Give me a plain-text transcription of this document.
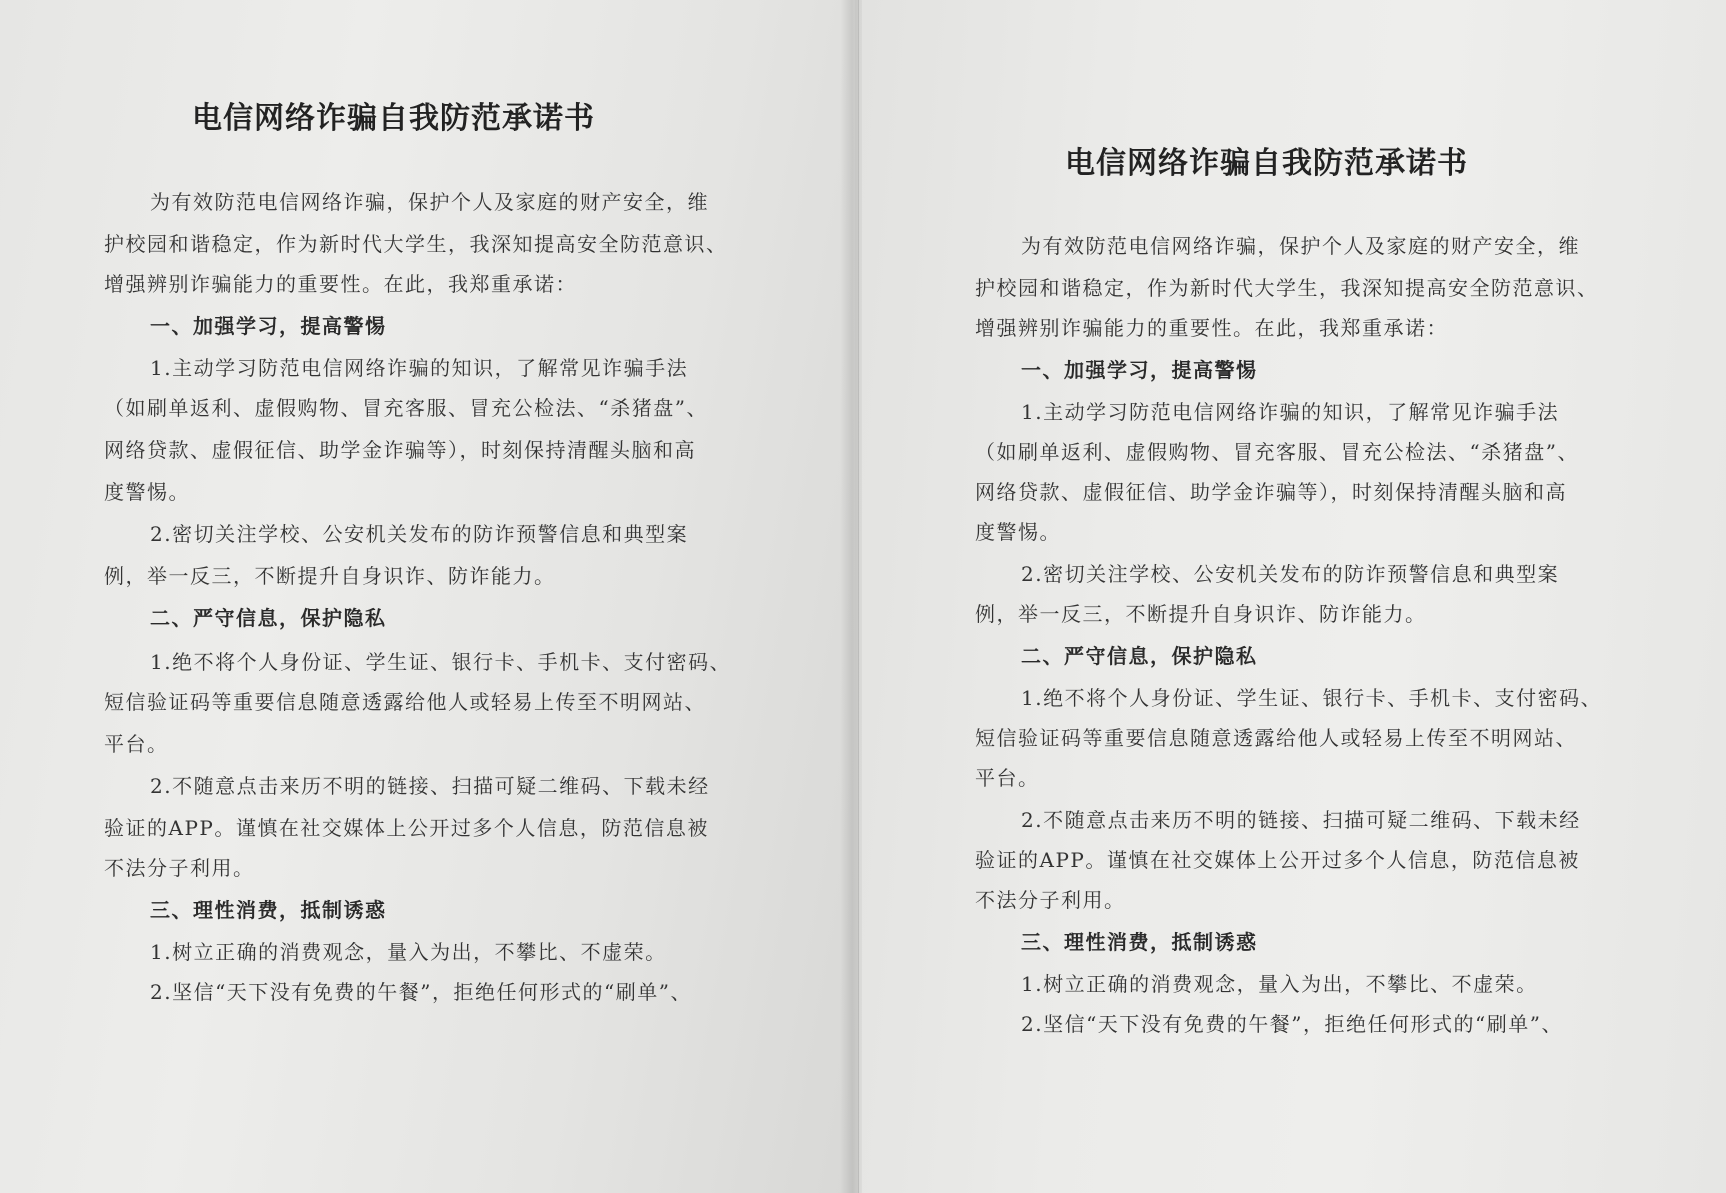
电信网络诈骗自我防范承诺书

为有效防范电信网络诈骗，保护个人及家庭的财产安全，维

护校园和谐稳定，作为新时代大学生，我深知提高安全防范意识、

增强辨别诈骗能力的重要性。在此，我郑重承诺：

一、加强学习，提高警惕

1.主动学习防范电信网络诈骗的知识，了解常见诈骗手法

（如刷单返利、虚假购物、冒充客服、冒充公检法、“杀猪盘”、

网络贷款、虚假征信、助学金诈骗等），时刻保持清醒头脑和高

度警惕。

2.密切关注学校、公安机关发布的防诈预警信息和典型案

例，举一反三，不断提升自身识诈、防诈能力。

二、严守信息，保护隐私

1.绝不将个人身份证、学生证、银行卡、手机卡、支付密码、

短信验证码等重要信息随意透露给他人或轻易上传至不明网站、

平台。

2.不随意点击来历不明的链接、扫描可疑二维码、下载未经

验证的APP。谨慎在社交媒体上公开过多个人信息，防范信息被

不法分子利用。

三、理性消费，抵制诱惑

1.树立正确的消费观念，量入为出，不攀比、不虚荣。

2.坚信“天下没有免费的午餐”，拒绝任何形式的“刷单”、

电信网络诈骗自我防范承诺书

为有效防范电信网络诈骗，保护个人及家庭的财产安全，维

护校园和谐稳定，作为新时代大学生，我深知提高安全防范意识、

增强辨别诈骗能力的重要性。在此，我郑重承诺：

一、加强学习，提高警惕

1.主动学习防范电信网络诈骗的知识，了解常见诈骗手法

（如刷单返利、虚假购物、冒充客服、冒充公检法、“杀猪盘”、

网络贷款、虚假征信、助学金诈骗等），时刻保持清醒头脑和高

度警惕。

2.密切关注学校、公安机关发布的防诈预警信息和典型案

例，举一反三，不断提升自身识诈、防诈能力。

二、严守信息，保护隐私

1.绝不将个人身份证、学生证、银行卡、手机卡、支付密码、

短信验证码等重要信息随意透露给他人或轻易上传至不明网站、

平台。

2.不随意点击来历不明的链接、扫描可疑二维码、下载未经

验证的APP。谨慎在社交媒体上公开过多个人信息，防范信息被

不法分子利用。

三、理性消费，抵制诱惑

1.树立正确的消费观念，量入为出，不攀比、不虚荣。

2.坚信“天下没有免费的午餐”，拒绝任何形式的“刷单”、
